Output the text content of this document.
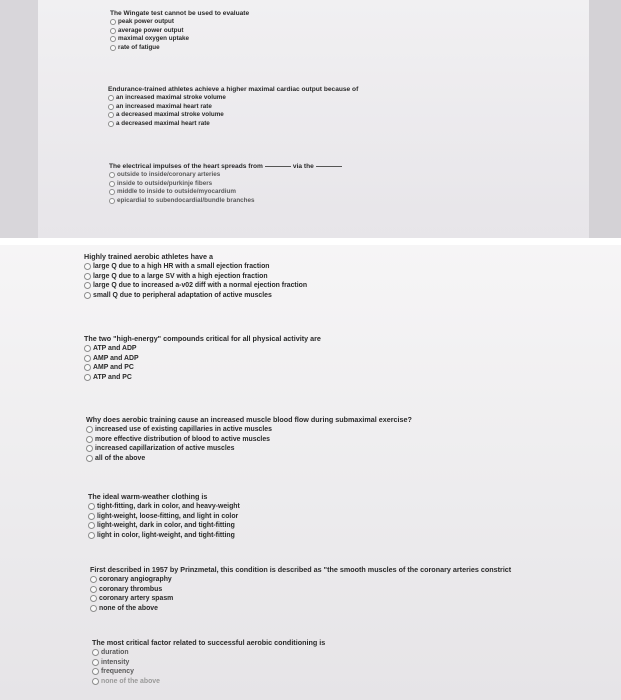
The Wingate test cannot be used to evaluate
peak power output
average power output
maximal oxygen uptake
rate of fatigue
Endurance-trained athletes achieve a higher maximal cardiac output because of
an increased maximal stroke volume
an increased maximal heart rate
a decreased maximal stroke volume
a decreased maximal heart rate
The electrical impulses of the heart spreads from	via the
outside to inside/coronary arteries
inside to outside/purkinje fibers
middle to inside to outside/myocardium
epicardial to subendocardial/bundle branches
Highly trained aerobic athletes have a
large Q due to a high HR with a small ejection fraction
large Q due to a large SV with a high ejection fraction
large Q due to increased a-v02 diff with a normal ejection fraction
small Q due to peripheral adaptation of active muscles
The two "high-energy" compounds critical for all physical activity are
ATP and ADP
AMP and ADP
AMP and PC
ATP and PC
Why does aerobic training cause an increased muscle blood flow during submaximal exercise?
increased use of existing capillaries in active muscles
more effective distribution of blood to active muscles
increased capillarization of active muscles
all of the above
The ideal warm-weather clothing is
tight-fitting, dark in color, and heavy-weight
light-weight, loose-fitting, and light in color
light-weight, dark in color, and tight-fitting
light in color, light-weight, and tight-fitting
First described in 1957 by Prinzmetal, this condition is described as "the smooth muscles of the coronary arteries constrict
coronary angiography
coronary thrombus
coronary artery spasm
none of the above
The most critical factor related to successful aerobic conditioning is
duration
intensity
frequency
none of the above
